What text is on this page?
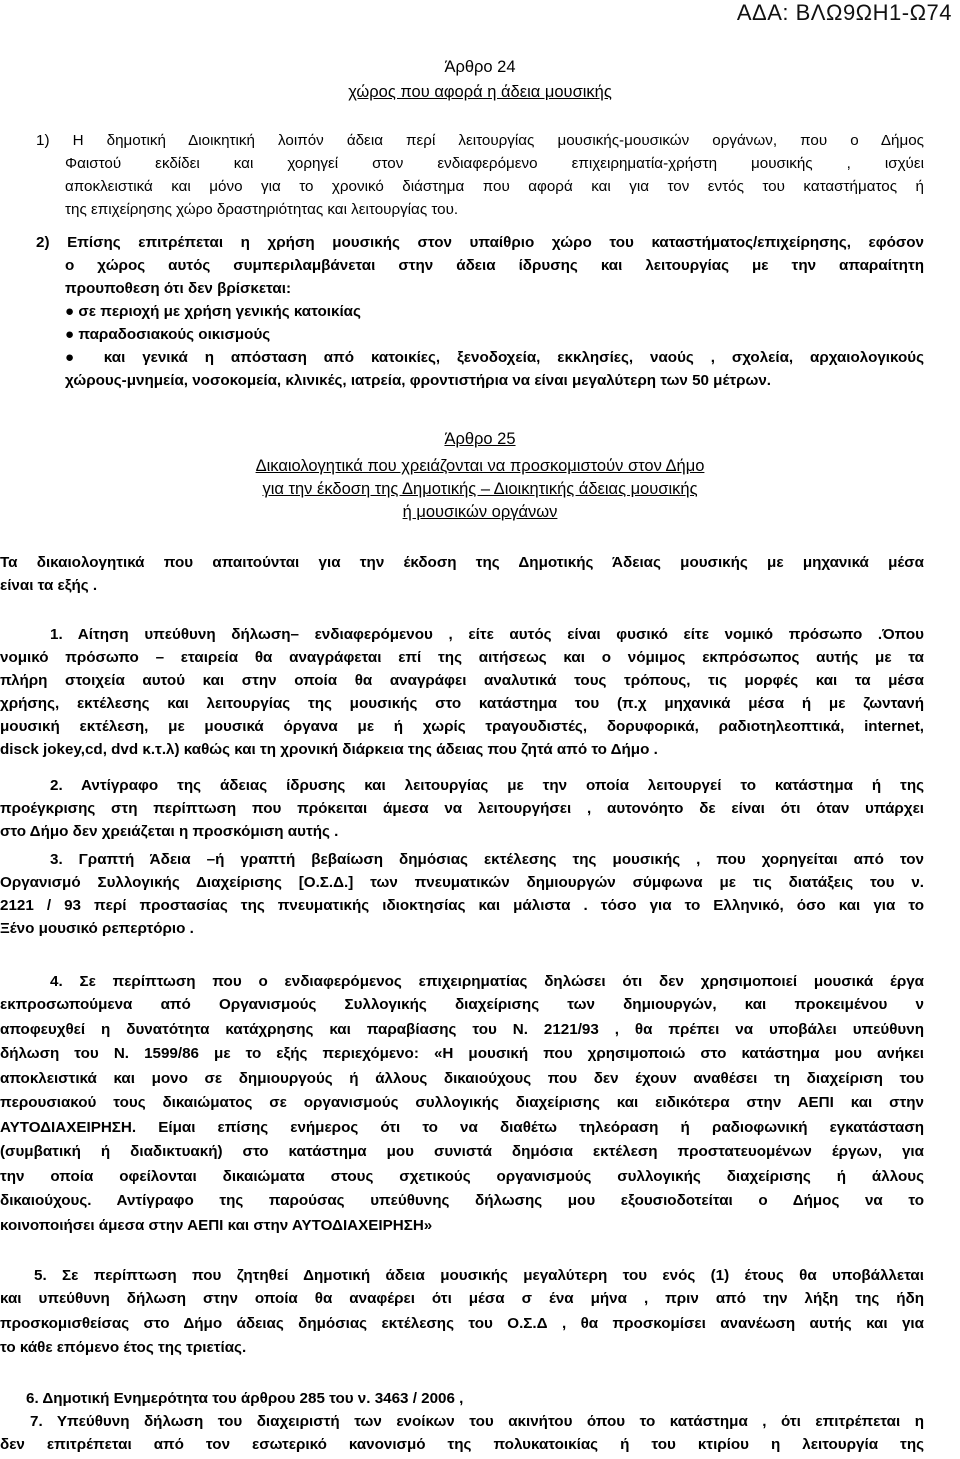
ΑΔΑ: ΒΛΩ9ΩΗ1-Ω74
Άρθρο 24
χώρος που αφορά η άδεια μουσικής
1) Η δημοτική Διοικητική λοιπόν άδεια περί λειτουργίας μουσικής-μουσικών οργάνων, που ο Δήμος
Φαιστού εκδίδει και χορηγεί στον ενδιαφερόμενο επιχειρηματία-χρήστη μουσικής , ισχύει
αποκλειστικά και μόνο για το χρονικό διάστημα που αφορά και για τον εντός του καταστήματος ή
της επιχείρησης χώρο δραστηριότητας και λειτουργίας του.
2) Επίσης επιτρέπεται η χρήση μουσικής στον υπαίθριο χώρο του καταστήματος/επιχείρησης, εφόσον
ο χώρος αυτός συμπεριλαμβάνεται στην άδεια ίδρυσης και λειτουργίας με την απαραίτητη
προυποθεση ότι δεν βρίσκεται:
● σε περιοχή με χρήση γενικής κατοικίας
● παραδοσιακούς οικισμούς
● και γενικά η απόσταση από κατοικίες, ξενοδοχεία, εκκλησίες, ναούς , σχολεία, αρχαιολογικούς
χώρους-μνημεία, νοσοκομεία, κλινικές, ιατρεία, φροντιστήρια να είναι μεγαλύτερη των 50 μέτρων.
Άρθρο 25
Δικαιολογητικά που χρειάζονται να προσκομιστούν στον Δήμο
για την έκδοση της Δημοτικής – Διοικητικής άδειας μουσικής
ή μουσικών οργάνων
Τα δικαιολογητικά που απαιτούνται για την έκδοση της Δημοτικής Άδειας μουσικής με μηχανικά μέσα
είναι τα εξής .
1. Αίτηση υπεύθυνη δήλωση– ενδιαφερόμενου , είτε αυτός είναι φυσικό είτε νομικό πρόσωπο .Όπου
νομικό πρόσωπο – εταιρεία θα αναγράφεται επί της αιτήσεως και ο νόμιμος εκπρόσωπος αυτής με τα
πλήρη στοιχεία αυτού και στην οποία θα αναγράφει αναλυτικά τους τρόπους, τις μορφές και τα μέσα
χρήσης, εκτέλεσης και λειτουργίας της μουσικής στο κατάστημα του (π.χ μηχανικά μέσα ή με ζωντανή
μουσική εκτέλεση, με μουσικά όργανα με ή χωρίς τραγουδιστές, δορυφορικά, ραδιοτηλεοπτικά, internet,
disck jokey,cd, dvd κ.τ.λ) καθώς και τη χρονική διάρκεια της άδειας που ζητά από το Δήμο .
2. Αντίγραφο της άδειας ίδρυσης και λειτουργίας με την οποία λειτουργεί το κατάστημα ή της
προέγκρισης στη περίπτωση που πρόκειται άμεσα να λειτουργήσει , αυτονόητο δε είναι ότι όταν υπάρχει
στο Δήμο δεν χρειάζεται η προσκόμιση αυτής .
3. Γραπτή Άδεια –ή γραπτή βεβαίωση δημόσιας εκτέλεσης της μουσικής , που χορηγείται από τον
Οργανισμό Συλλογικής Διαχείρισης [Ο.Σ.Δ.] των πνευματικών δημιουργών σύμφωνα με τις διατάξεις του ν.
2121 / 93 περί προστασίας της πνευματικής ιδιοκτησίας και μάλιστα . τόσο για το Ελληνικό, όσο και για το
Ξένο μουσικό ρεπερτόριο .
4. Σε περίπτωση που ο ενδιαφερόμενος επιχειρηματίας δηλώσει ότι δεν χρησιμοποιεί μουσικά έργα
εκπροσωπούμενα από Οργανισμούς Συλλογικής διαχείρισης των δημιουργών, και προκειμένου ν
αποφευχθεί η δυνατότητα κατάχρησης και παραβίασης του Ν. 2121/93 , θα πρέπει να υποβάλει υπεύθυνη
δήλωση του Ν. 1599/86 με το εξής περιεχόμενο: «Η μουσική που χρησιμοποιώ στο κατάστημα μου ανήκει
αποκλειστικά και μονο σε δημιουργούς ή άλλους δικαιούχους που δεν έχουν αναθέσει τη διαχείριση του
περουσιακού τους δικαιώματος σε οργανισμούς συλλογικής διαχείρισης και ειδικότερα στην ΑΕΠΙ και στην
ΑΥΤΟΔΙΑΧΕΙΡΗΣΗ. Είμαι επίσης ενήμερος ότι το να διαθέτω τηλεόραση ή ραδιοφωνική εγκατάσταση
(συμβατική ή διαδικτυακή) στο κατάστημα μου συνιστά δημόσια εκτέλεση προστατευομένων έργων, για
την οποία οφείλονται δικαιώματα στους σχετικούς οργανισμούς συλλογικής διαχείρισης ή άλλους
δικαιούχους. Αντίγραφο της παρούσας υπεύθυνης δήλωσης μου εξουσιοδοτείται ο Δήμος να το
κοινοποιήσει άμεσα στην ΑΕΠΙ και στην ΑΥΤΟΔΙΑΧΕΙΡΗΣΗ»
5. Σε περίπτωση που ζητηθεί Δημοτική άδεια μουσικής μεγαλύτερη του ενός (1) έτους θα υποβάλλεται
και υπεύθυνη δήλωση στην οποία θα αναφέρει ότι μέσα σ ένα μήνα , πριν από την λήξη της ήδη
προσκομισθείσας στο Δήμο άδειας δημόσιας εκτέλεσης του Ο.Σ.Δ , θα προσκομίσει ανανέωση αυτής και για
το κάθε επόμενο έτος της τριετίας.
6. Δημοτική Ενημερότητα του άρθρου 285 του ν. 3463 / 2006 ,
7. Υπεύθυνη δήλωση του διαχειριστή των ενοίκων του ακινήτου όπου το κατάστημα , ότι επιτρέπεται η
δεν επιτρέπεται από τον εσωτερικό κανονισμό της πολυκατοικίας ή του κτιρίου η λειτουργία της
